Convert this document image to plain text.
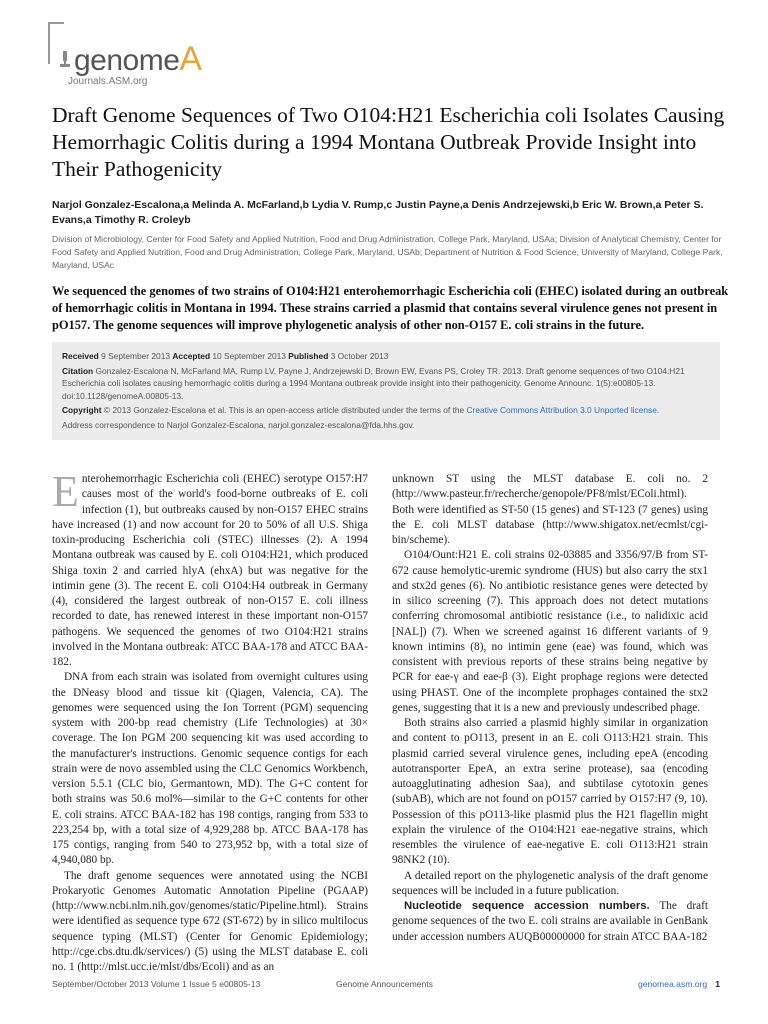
genomeA
Journals.ASM.org
Draft Genome Sequences of Two O104:H21 Escherichia coli Isolates Causing Hemorrhagic Colitis during a 1994 Montana Outbreak Provide Insight into Their Pathogenicity
Narjol Gonzalez-Escalona,a Melinda A. McFarland,b Lydia V. Rump,c Justin Payne,a Denis Andrzejewski,b Eric W. Brown,a Peter S. Evans,a Timothy R. Croleyb
Division of Microbiology, Center for Food Safety and Applied Nutrition, Food and Drug Administration, College Park, Maryland, USAa; Division of Analytical Chemistry, Center for Food Safety and Applied Nutrition, Food and Drug Administration, College Park, Maryland, USAb; Department of Nutrition & Food Science, University of Maryland, College Park, Maryland, USAc
We sequenced the genomes of two strains of O104:H21 enterohemorrhagic Escherichia coli (EHEC) isolated during an outbreak of hemorrhagic colitis in Montana in 1994. These strains carried a plasmid that contains several virulence genes not present in pO157. The genome sequences will improve phylogenetic analysis of other non-O157 E. coli strains in the future.

Received 9 September 2013 Accepted 10 September 2013 Published 3 October 2013

Citation Gonzalez-Escalona N, McFarland MA, Rump LV, Payne J, Andrzejewski D, Brown EW, Evans PS, Croley TR. 2013. Draft genome sequences of two O104:H21 Escherichia coli isolates causing hemorrhagic colitis during a 1994 Montana outbreak provide insight into their pathogenicity. Genome Announc. 1(5):e00805-13. doi:10.1128/genomeA.00805-13.

Copyright © 2013 Gonzalez-Escalona et al. This is an open-access article distributed under the terms of the Creative Commons Attribution 3.0 Unported license.

Address correspondence to Narjol Gonzalez-Escalona, narjol.gonzalez-escalona@fda.hhs.gov.

Enterohemorrhagic Escherichia coli (EHEC) serotype O157:H7 causes most of the world's food-borne outbreaks of E. coli infection (1), but outbreaks caused by non-O157 EHEC strains have increased (1) and now account for 20 to 50% of all U.S. Shiga toxin-producing Escherichia coli (STEC) illnesses (2). A 1994 Montana outbreak was caused by E. coli O104:H21, which produced Shiga toxin 2 and carried hlyA (ehxA) but was negative for the intimin gene (3). The recent E. coli O104:H4 outbreak in Germany (4), considered the largest outbreak of non-O157 E. coli illness recorded to date, has renewed interest in these important non-O157 pathogens. We sequenced the genomes of two O104:H21 strains involved in the Montana outbreak: ATCC BAA-178 and ATCC BAA-182.

DNA from each strain was isolated from overnight cultures using the DNeasy blood and tissue kit (Qiagen, Valencia, CA). The genomes were sequenced using the Ion Torrent (PGM) sequencing system with 200-bp read chemistry (Life Technologies) at 30× coverage. The Ion PGM 200 sequencing kit was used according to the manufacturer's instructions. Genomic sequence contigs for each strain were de novo assembled using the CLC Genomics Workbench, version 5.5.1 (CLC bio, Germantown, MD). The G+C content for both strains was 50.6 mol%—similar to the G+C contents for other E. coli strains. ATCC BAA-182 has 198 contigs, ranging from 533 to 223,254 bp, with a total size of 4,929,288 bp. ATCC BAA-178 has 175 contigs, ranging from 540 to 273,952 bp, with a total size of 4,940,080 bp.

The draft genome sequences were annotated using the NCBI Prokaryotic Genomes Automatic Annotation Pipeline (PGAAP) (http://www.ncbi.nlm.nih.gov/genomes/static/Pipeline.html). Strains were identified as sequence type 672 (ST-672) by in silico multilocus sequence typing (MLST) (Center for Genomic Epidemiology; http://cge.cbs.dtu.dk/services/) (5) using the MLST database E. coli no. 1 (http://mlst.ucc.ie/mlst/dbs/Ecoli) and as an

unknown ST using the MLST database E. coli no. 2 (http://www.pasteur.fr/recherche/genopole/PF8/mlst/EColi.html). Both were identified as ST-50 (15 genes) and ST-123 (7 genes) using the E. coli MLST database (http://www.shigatox.net/ecmlst/cgi-bin/scheme).

O104/Ount:H21 E. coli strains 02-03885 and 3356/97/B from ST-672 cause hemolytic-uremic syndrome (HUS) but also carry the stx1 and stx2d genes (6). No antibiotic resistance genes were detected by in silico screening (7). This approach does not detect mutations conferring chromosomal antibiotic resistance (i.e., to nalidixic acid [NAL]) (7). When we screened against 16 different variants of 9 known intimins (8), no intimin gene (eae) was found, which was consistent with previous reports of these strains being negative by PCR for eae-γ and eae-β (3). Eight prophage regions were detected using PHAST. One of the incomplete prophages contained the stx2 genes, suggesting that it is a new and previously undescribed phage.

Both strains also carried a plasmid highly similar in organization and content to pO113, present in an E. coli O113:H21 strain. This plasmid carried several virulence genes, including epeA (encoding autotransporter EpeA, an extra serine protease), saa (encoding autoagglutinating adhesion Saa), and subtilase cytotoxin genes (subAB), which are not found on pO157 carried by O157:H7 (9, 10). Possession of this pO113-like plasmid plus the H21 flagellin might explain the virulence of the O104:H21 eae-negative strains, which resembles the virulence of eae-negative E. coli O113:H21 strain 98NK2 (10).

A detailed report on the phylogenetic analysis of the draft genome sequences will be included in a future publication.

Nucleotide sequence accession numbers. The draft genome sequences of the two E. coli strains are available in GenBank under accession numbers AUQB00000000 for strain ATCC BAA-182

September/October 2013 Volume 1 Issue 5 e00805-13	Genome Announcements	genomea.asm.org 1
